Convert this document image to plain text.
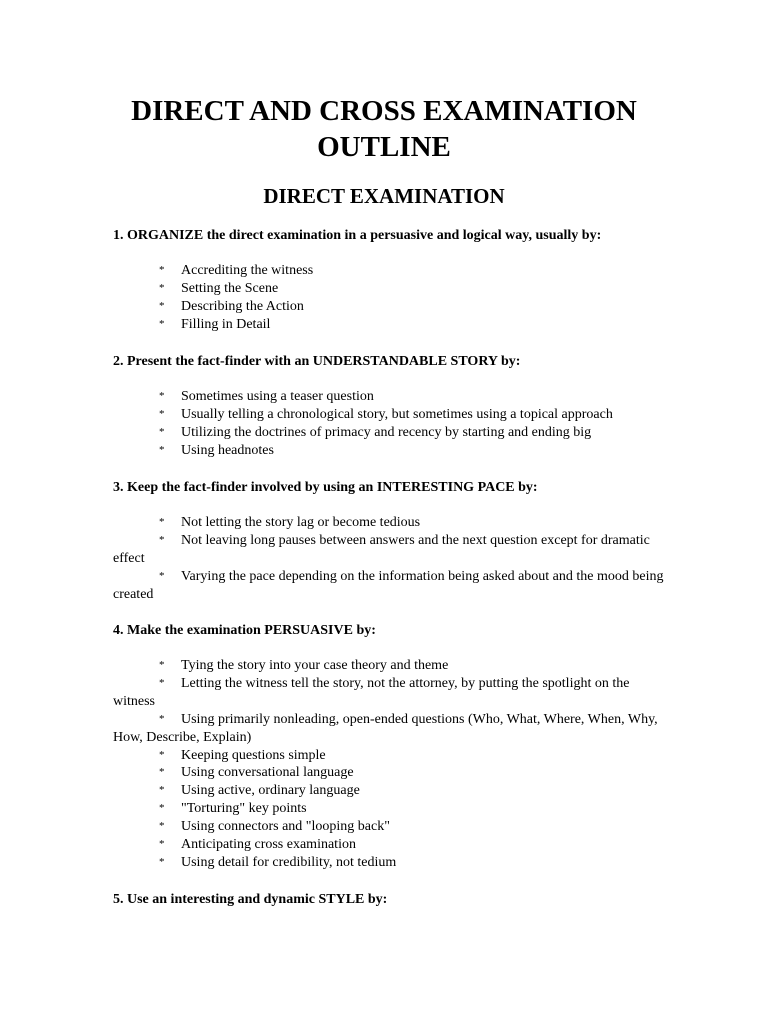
DIRECT AND CROSS EXAMINATION
OUTLINE
DIRECT EXAMINATION

1. ORGANIZE the direct examination in a persuasive and logical way, usually by:

* Accrediting the witness
* Setting the Scene
* Describing the Action
* Filling in Detail

2. Present the fact-finder with an UNDERSTANDABLE STORY by:

* Sometimes using a teaser question
* Usually telling a chronological story, but sometimes using a topical approach
* Utilizing the doctrines of primacy and recency by starting and ending big
* Using headnotes

3. Keep the fact-finder involved by using an INTERESTING PACE by:

* Not letting the story lag or become tedious
* Not leaving long pauses between answers and the next question except for dramatic effect
* Varying the pace depending on the information being asked about and the mood being created

4. Make the examination PERSUASIVE by:

* Tying the story into your case theory and theme
* Letting the witness tell the story, not the attorney, by putting the spotlight on the witness
* Using primarily nonleading, open-ended questions (Who, What, Where, When, Why, How, Describe, Explain)
* Keeping questions simple
* Using conversational language
* Using active, ordinary language
* "Torturing" key points
* Using connectors and "looping back"
* Anticipating cross examination
* Using detail for credibility, not tedium

5. Use an interesting and dynamic STYLE by:
